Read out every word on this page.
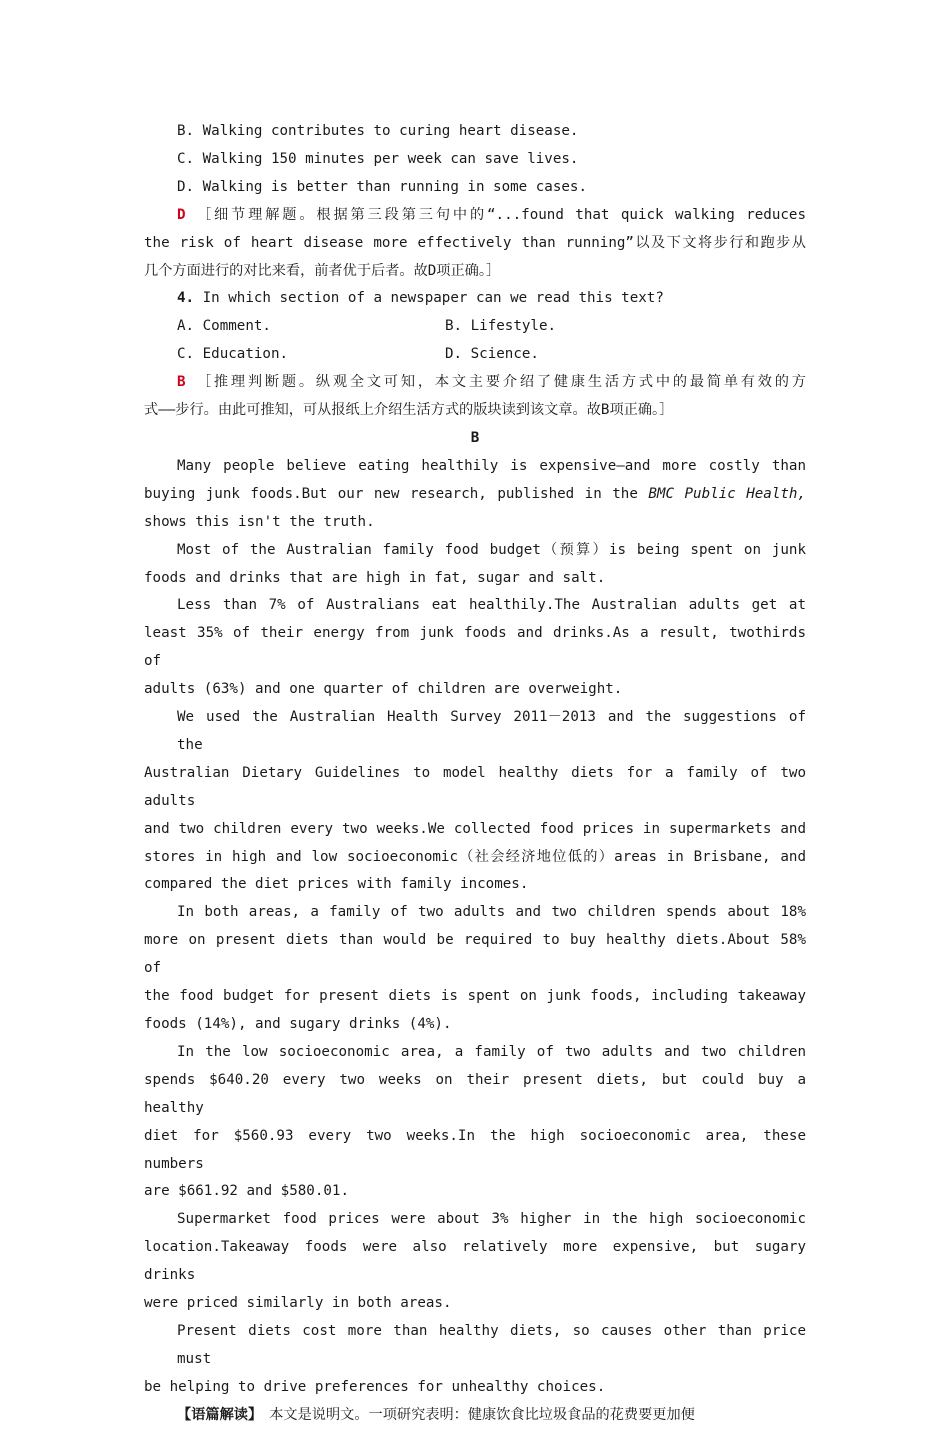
B. Walking contributes to curing heart disease.
C. Walking 150 minutes per week can save lives.
D. Walking is better than running in some cases.
D ［细节理解题。根据第三段第三句中的“...found that quick walking reduces
the risk of heart disease more effectively than running”以及下文将步行和跑步从
几个方面进行的对比来看，前者优于后者。故D项正确。］
4. In which section of a newspaper can we read this text?
A. Comment.	B. Lifestyle.
C. Education.	D. Science.
B ［推理判断题。纵观全文可知，本文主要介绍了健康生活方式中的最简单有效的方
式——步行。由此可推知，可从报纸上介绍生活方式的版块读到该文章。故B项正确。］
B
Many people believe eating healthily is expensive—and more costly than
buying junk foods.But our new research, published in the BMC Public Health,
shows this isn't the truth.
Most of the Australian family food budget（预算）is being spent on junk
foods and drinks that are high in fat, sugar and salt.
Less than 7% of Australians eat healthily.The Australian adults get at
least 35% of their energy from junk foods and drinks.As a result, twothirds of
adults (63%) and one quarter of children are overweight.
We used the Australian Health Survey 2011－2013 and the suggestions of the
Australian Dietary Guidelines to model healthy diets for a family of two adults
and two children every two weeks.We collected food prices in supermarkets and
stores in high and low socioeconomic（社会经济地位低的）areas in Brisbane, and
compared the diet prices with family incomes.
In both areas, a family of two adults and two children spends about 18%
more on present diets than would be required to buy healthy diets.About 58% of
the food budget for present diets is spent on junk foods, including takeaway
foods (14%), and sugary drinks (4%).
In the low socioeconomic area, a family of two adults and two children
spends $640.20 every two weeks on their present diets, but could buy a healthy
diet for $560.93 every two weeks.In the high socioeconomic area, these numbers
are $661.92 and $580.01.
Supermarket food prices were about 3% higher in the high socioeconomic
location.Takeaway foods were also relatively more expensive, but sugary drinks
were priced similarly in both areas.
Present diets cost more than healthy diets, so causes other than price must
be helping to drive preferences for unhealthy choices.
【语篇解读】　本文是说明文。一项研究表明：健康饮食比垃圾食品的花费要更加便
